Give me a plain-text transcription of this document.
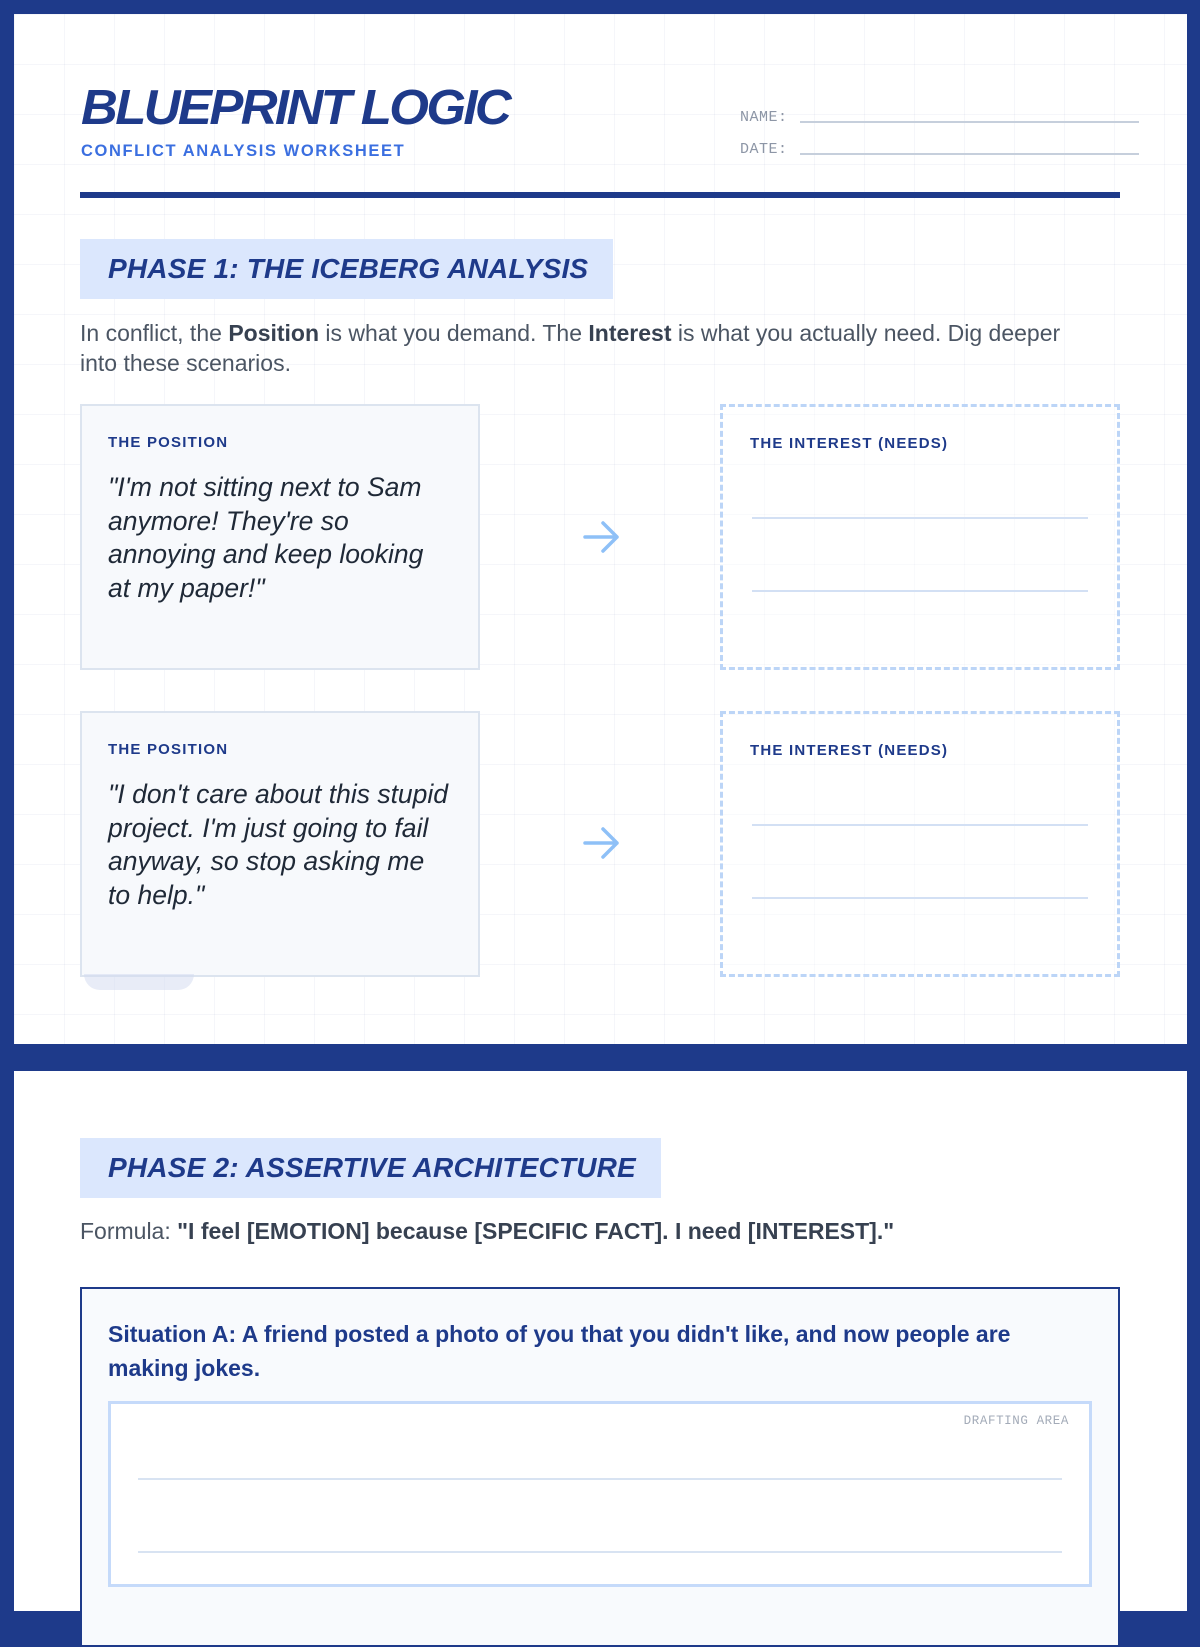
BLUEPRINT LOGIC
CONFLICT ANALYSIS WORKSHEET
NAME:
DATE:
PHASE 1: THE ICEBERG ANALYSIS

In conflict, the Position is what you demand. The Interest is what you actually need. Dig deeper into these scenarios.

THE POSITION

"I'm not sitting next to Sam anymore! They're so annoying and keep looking at my paper!"

THE INTEREST (NEEDS)

THE POSITION

"I don't care about this stupid project. I'm just going to fail anyway, so stop asking me to help."

THE INTEREST (NEEDS)

PHASE 2: ASSERTIVE ARCHITECTURE

Formula: "I feel [EMOTION] because [SPECIFIC FACT]. I need [INTEREST]."

Situation A: A friend posted a photo of you that you didn't like, and now people are making jokes.

DRAFTING AREA
